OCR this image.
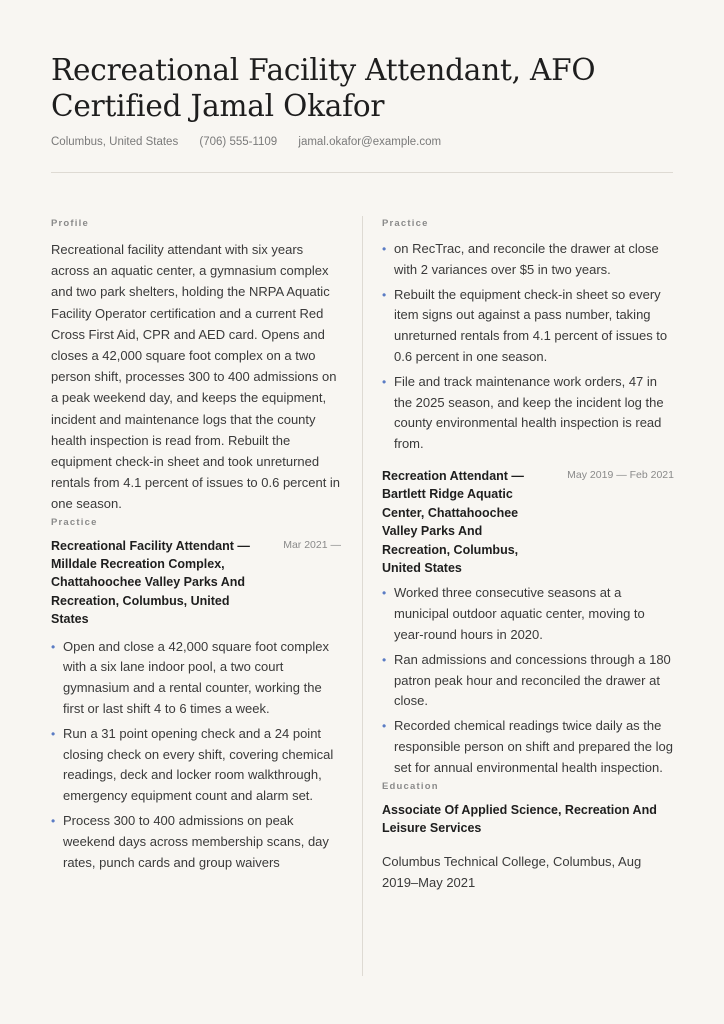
Recreational Facility Attendant, AFO Certified Jamal Okafor
Columbus, United States (706) 555-1109 jamal.okafor@example.com
Profile

Recreational facility attendant with six years across an aquatic center, a gymnasium complex and two park shelters, holding the NRPA Aquatic Facility Operator certification and a current Red Cross First Aid, CPR and AED card. Opens and closes a 42,000 square foot complex on a two person shift, processes 300 to 400 admissions on a peak weekend day, and keeps the equipment, incident and maintenance logs that the county health inspection is read from. Rebuilt the equipment check-in sheet and took unreturned rentals from 4.1 percent of issues to 0.6 percent in one season.

Practice
Recreational Facility Attendant — Milldale Recreation Complex, Chattahoochee Valley Parks And Recreation, Columbus, United States
Mar 2021 —
• Open and close a 42,000 square foot complex with a six lane indoor pool, a two court gymnasium and a rental counter, working the first or last shift 4 to 6 times a week.
• Run a 31 point opening check and a 24 point closing check on every shift, covering chemical readings, deck and locker room walkthrough, emergency equipment count and alarm set.
• Process 300 to 400 admissions on peak weekend days across membership scans, day rates, punch cards and group waivers
Practice
• on RecTrac, and reconcile the drawer at close with 2 variances over $5 in two years.
• Rebuilt the equipment check-in sheet so every item signs out against a pass number, taking unreturned rentals from 4.1 percent of issues to 0.6 percent in one season.
• File and track maintenance work orders, 47 in the 2025 season, and keep the incident log the county environmental health inspection is read from.
Recreation Attendant — Bartlett Ridge Aquatic Center, Chattahoochee Valley Parks And Recreation, Columbus, United States
May 2019 — Feb 2021
• Worked three consecutive seasons at a municipal outdoor aquatic center, moving to year-round hours in 2020.
• Ran admissions and concessions through a 180 patron peak hour and reconciled the drawer at close.
• Recorded chemical readings twice daily as the responsible person on shift and prepared the log set for annual environmental health inspection.
Education
Associate Of Applied Science, Recreation And Leisure Services
Columbus Technical College, Columbus, Aug 2019–May 2021
